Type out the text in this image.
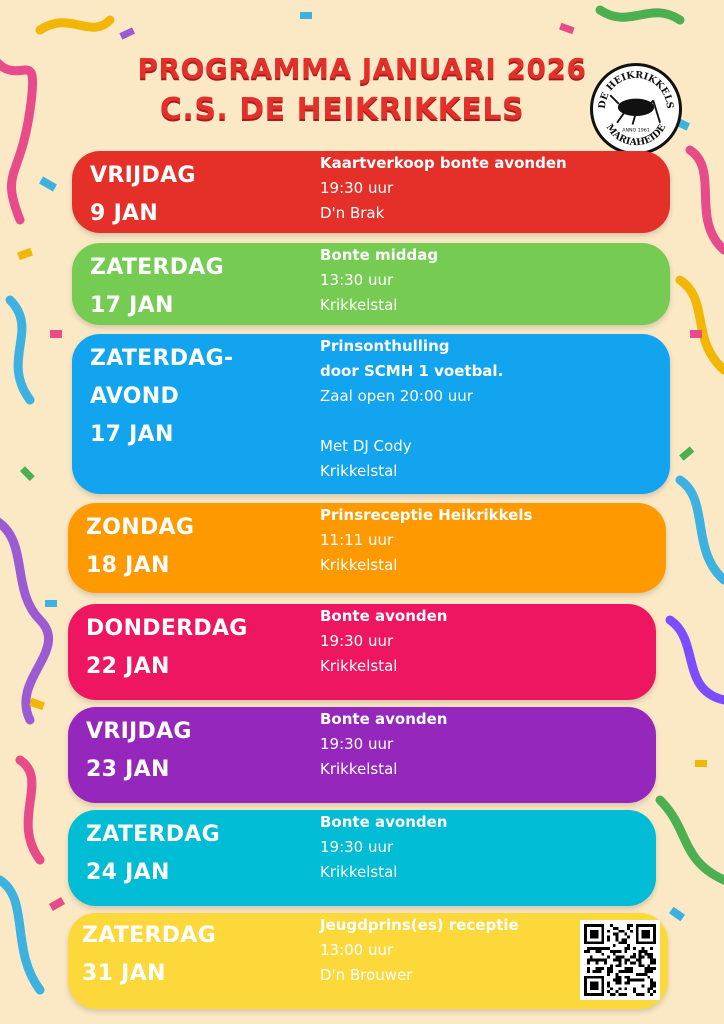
PROGRAMMA JANUARI 2026
C.S. DE HEIKRIKKELS	DE HEIKRIKKELS
MARIAHEIDE
ANNO 1961
VRIJDAG
9 JAN
Kaartverkoop bonte avonden
19:30 uur
D'n Brak
ZATERDAG
17 JAN
Bonte middag
13:30 uur
Krikkelstal
ZATERDAG-
AVOND
17 JAN
Prinsonthulling
door SCMH 1 voetbal.
Zaal open 20:00 uur

Met DJ Cody
Krikkelstal
ZONDAG
18 JAN
Prinsreceptie Heikrikkels
11:11 uur
Krikkelstal
DONDERDAG
22 JAN
Bonte avonden
19:30 uur
Krikkelstal
VRIJDAG
23 JAN
Bonte avonden
19:30 uur
Krikkelstal
ZATERDAG
24 JAN
Bonte avonden
19:30 uur
Krikkelstal
ZATERDAG
31 JAN
Jeugdprins(es) receptie
13:00 uur
D'n Brouwer
